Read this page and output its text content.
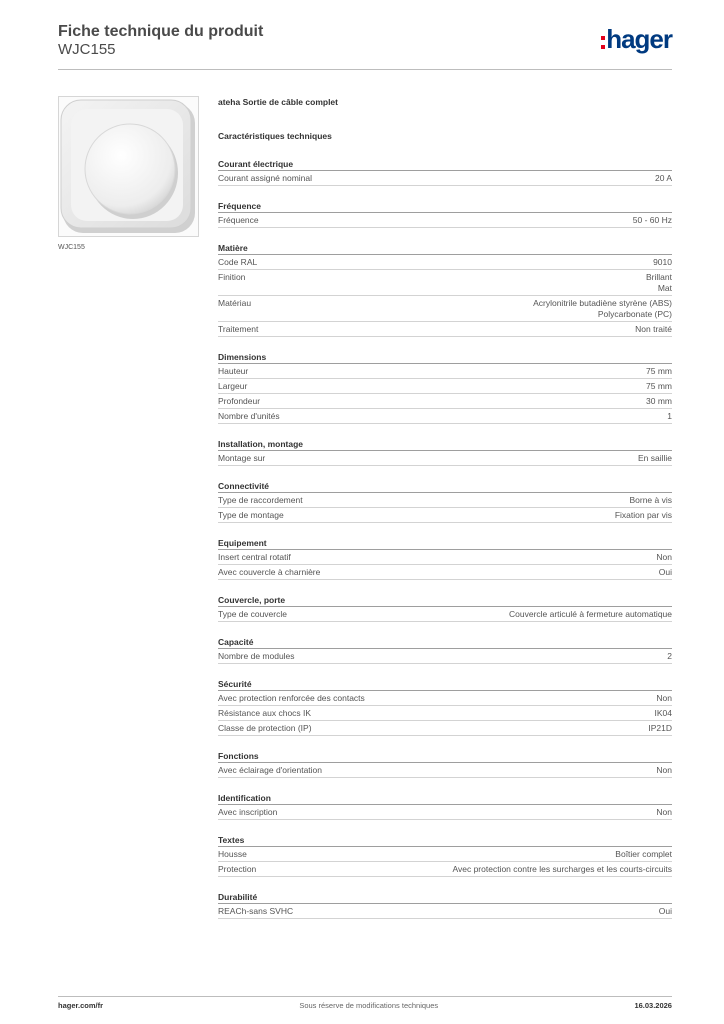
Fiche technique du produit
WJC155	hager
WJC155
ateha Sortie de câble complet
Caractéristiques techniques
Courant électrique
Courant assigné nominal	20 A
Fréquence
Fréquence	50 - 60 Hz
Matière
Code RAL	9010
Finition	Brillant
Mat
Matériau	Acrylonitrile butadiène styrène (ABS)
Polycarbonate (PC)
Traitement	Non traité
Dimensions
Hauteur	75 mm
Largeur	75 mm
Profondeur	30 mm
Nombre d'unités	1
Installation, montage
Montage sur	En saillie
Connectivité
Type de raccordement	Borne à vis
Type de montage	Fixation par vis
Equipement
Insert central rotatif	Non
Avec couvercle à charnière	Oui
Couvercle, porte
Type de couvercle	Couvercle articulé à fermeture automatique
Capacité
Nombre de modules	2
Sécurité
Avec protection renforcée des contacts	Non
Résistance aux chocs IK	IK04
Classe de protection (IP)	IP21D
Fonctions
Avec éclairage d'orientation	Non
Identification
Avec inscription	Non
Textes
Housse	Boîtier complet
Protection	Avec protection contre les surcharges et les courts-circuits
Durabilité
REACh-sans SVHC	Oui
hager.com/fr	Sous réserve de modifications techniques	16.03.2026
